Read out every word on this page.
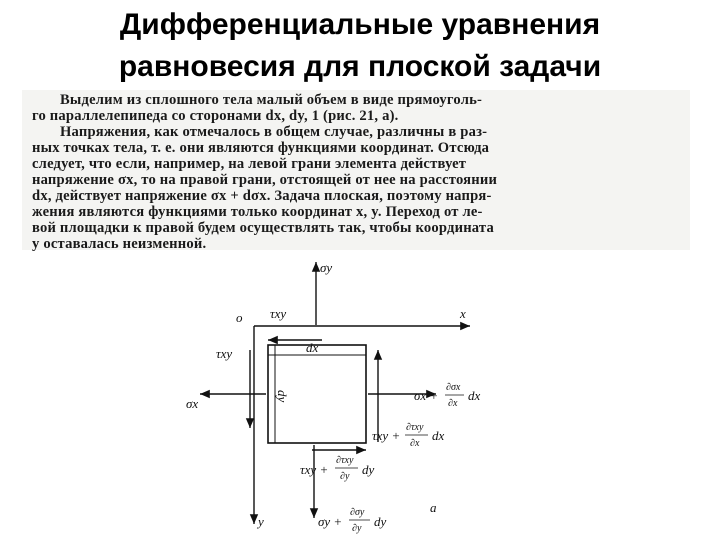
Дифференциальные уравнения
равновесия для плоской задачи
Выделим из сплошного тела малый объем в виде прямоуголь-
го параллелепипеда со сторонами dx, dy, 1 (рис. 21, а).
Напряжения, как отмечалось в общем случае, различны в раз-
ных точках тела, т. е. они являются функциями координат. Отсюда
следует, что если, например, на левой грани элемента действует
напряжение σx, то на правой грани, отстоящей от нее на расстоянии
dx, действует напряжение σx + dσx. Задача плоская, поэтому напря-
жения являются функциями только координат x, y. Переход от ле-
вой площадки к правой будем осуществлять так, чтобы координата
y оставалась неизменной.
σy
τxy
o	x
dx
dy
τxy
σx
σx +
∂σx
∂x
dx
τxy +
∂τxy
∂x
dx
τxy +
∂τxy
∂y dy
σy +
∂σy
∂y dy
y
a
